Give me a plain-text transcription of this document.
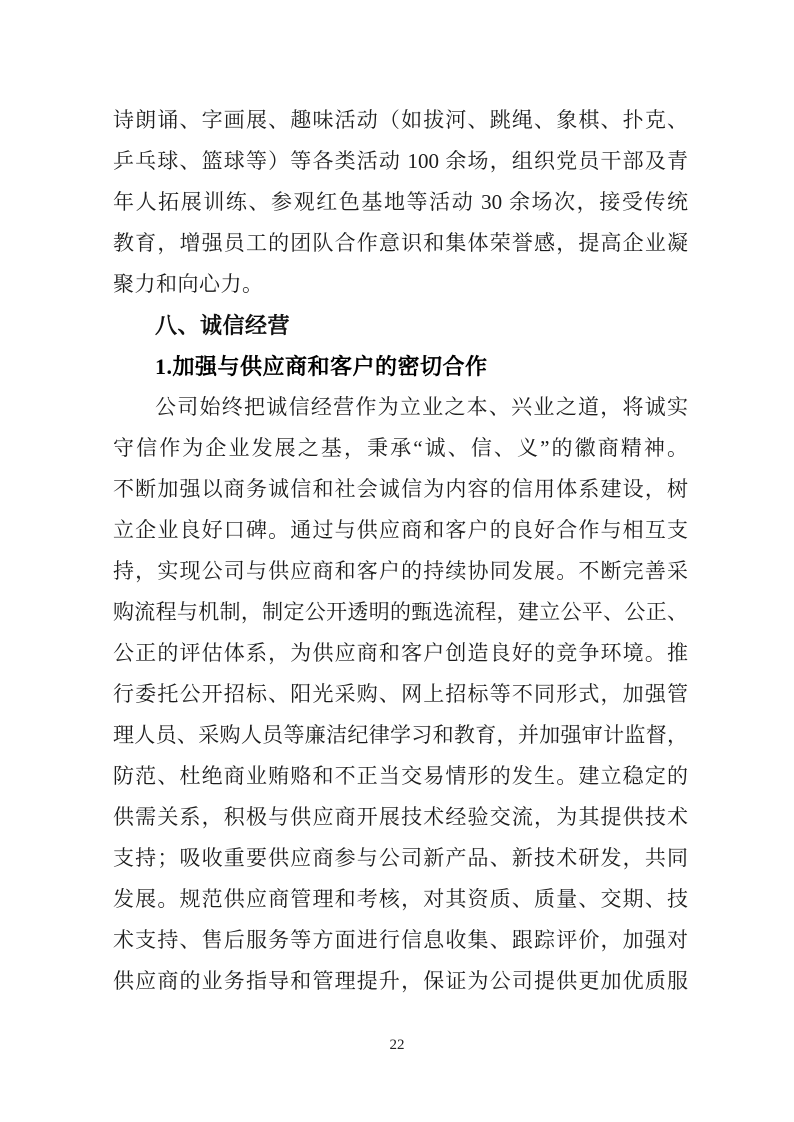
诗朗诵、字画展、趣味活动（如拔河、跳绳、象棋、扑克、
乒乓球、篮球等）等各类活动 100 余场，组织党员干部及青
年人拓展训练、参观红色基地等活动 30 余场次，接受传统
教育，增强员工的团队合作意识和集体荣誉感，提高企业凝
聚力和向心力。
八、诚信经营
1.加强与供应商和客户的密切合作
公司始终把诚信经营作为立业之本、兴业之道，将诚实
守信作为企业发展之基，秉承“诚、信、义”的徽商精神。
不断加强以商务诚信和社会诚信为内容的信用体系建设，树
立企业良好口碑。通过与供应商和客户的良好合作与相互支
持，实现公司与供应商和客户的持续协同发展。不断完善采
购流程与机制，制定公开透明的甄选流程，建立公平、公正、
公正的评估体系，为供应商和客户创造良好的竞争环境。推
行委托公开招标、阳光采购、网上招标等不同形式，加强管
理人员、采购人员等廉洁纪律学习和教育，并加强审计监督，
防范、杜绝商业贿赂和不正当交易情形的发生。建立稳定的
供需关系，积极与供应商开展技术经验交流，为其提供技术
支持；吸收重要供应商参与公司新产品、新技术研发，共同
发展。规范供应商管理和考核，对其资质、质量、交期、技
术支持、售后服务等方面进行信息收集、跟踪评价，加强对
供应商的业务指导和管理提升，保证为公司提供更加优质服
22
